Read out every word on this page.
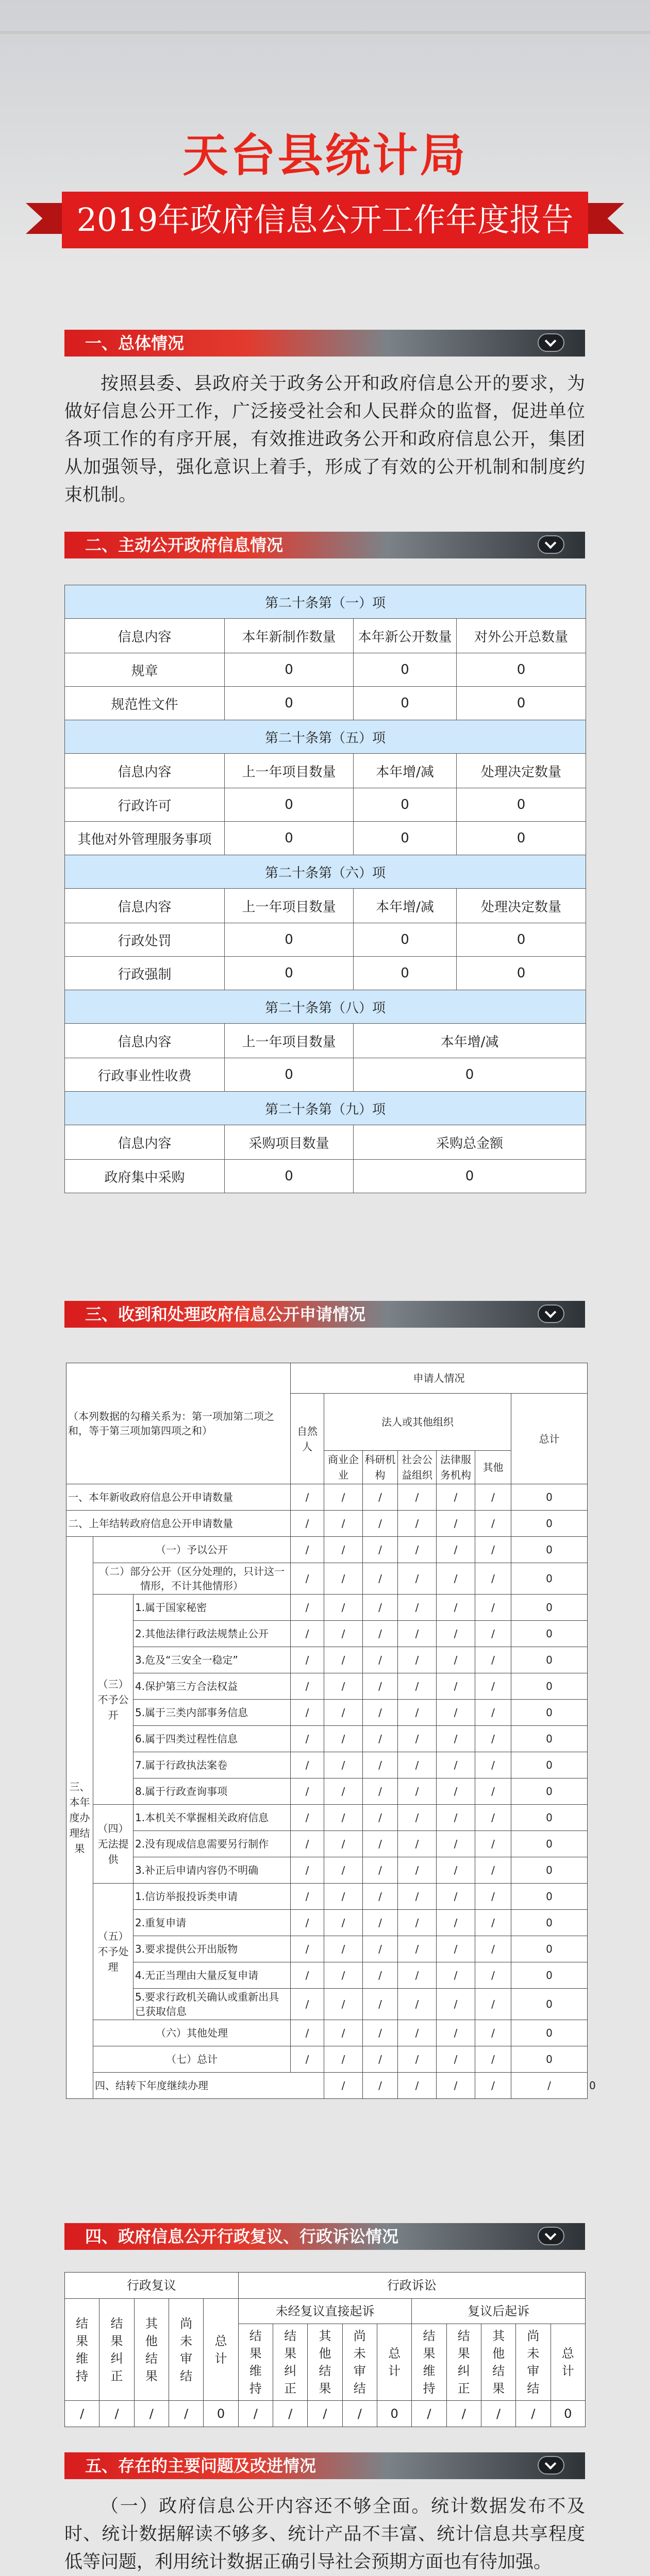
天台县统计局
2019年政府信息公开工作年度报告
一、总体情况

按照县委、县政府关于政务公开和政府信息公开的要求，为做好信息公开工作，广泛接受社会和人民群众的监督，促进单位各项工作的有序开展，有效推进政务公开和政府信息公开，集团从加强领导，强化意识上着手，形成了有效的公开机制和制度约束机制。

二、主动公开政府信息情况
第二十条第（一）项			
信息内容	本年新制作数量	本年新公开数量	对外公开总数量
规章	0	0	0
规范性文件	0	0	0
第二十条第（五）项			
信息内容	上一年项目数量	本年增/减	处理决定数量
行政许可	0	0	0
其他对外管理服务事项	0	0	0
第二十条第（六）项			
信息内容	上一年项目数量	本年增/减	处理决定数量
行政处罚	0	0	0
行政强制	0	0	0
第二十条第（八）项			
信息内容	上一年项目数量	本年增/减	
行政事业性收费	0	0	
第二十条第（九）项			
信息内容	采购项目数量	采购总金额	
政府集中采购	0	0	
三、收到和处理政府信息公开申请情况
（本列数据的勾稽关系为：第一项加第二项之和，等于第三项加第四项之和）			申请人情况							
			自然人	法人或其他组织					总计	
				商业企业	科研机构	社会公益组织	法律服务机构	其他		
一、本年新收政府信息公开申请数量			/	/	/	/	/	/	0	
二、上年结转政府信息公开申请数量			/	/	/	/	/	/	0	
三、本年度办理结果	（一）予以公开		/	/	/	/	/	/	0	
	（二）部分公开（区分处理的，只计这一情形，不计其他情形）		/	/	/	/	/	/	0	
	（三）不予公开	1.属于国家秘密	/	/	/	/	/	/	0	
		2.其他法律行政法规禁止公开	/	/	/	/	/	/	0	
		3.危及“三安全一稳定”	/	/	/	/	/	/	0	
		4.保护第三方合法权益	/	/	/	/	/	/	0	
		5.属于三类内部事务信息	/	/	/	/	/	/	0	
		6.属于四类过程性信息	/	/	/	/	/	/	0	
		7.属于行政执法案卷	/	/	/	/	/	/	0	
		8.属于行政查询事项	/	/	/	/	/	/	0	
	（四）无法提供	1.本机关不掌握相关政府信息	/	/	/	/	/	/	0	
		2.没有现成信息需要另行制作	/	/	/	/	/	/	0	
		3.补正后申请内容仍不明确	/	/	/	/	/	/	0	
	（五）不予处理	1.信访举报投诉类申请	/	/	/	/	/	/	0	
		2.重复申请	/	/	/	/	/	/	0	
		3.要求提供公开出版物	/	/	/	/	/	/	0	
		4.无正当理由大量反复申请	/	/	/	/	/	/	0	
		5.要求行政机关确认或重新出具已获取信息	/	/	/	/	/	/	0	
	（六）其他处理		/	/	/	/	/	/	0	
	（七）总计		/	/	/	/	/	/	0	
	四、结转下年度继续办理			/	/	/	/	/	/	0
四、政府信息公开行政复议、行政诉讼情况
行政复议					行政诉讼									
结果维持	结果纠正	其他结果	尚未审结	总计	未经复议直接起诉					复议后起诉				
					结果维持	结果纠正	其他结果	尚未审结	总计	结果维持	结果纠正	其他结果	尚未审结	总计
/	/	/	/	0	/	/	/	/	0	/	/	/	/	0
五、存在的主要问题及改进情况

（一）政府信息公开内容还不够全面。统计数据发布不及时、统计数据解读不够多、统计产品不丰富、统计信息共享程度低等问题，利用统计数据正确引导社会预期方面也有待加强。
